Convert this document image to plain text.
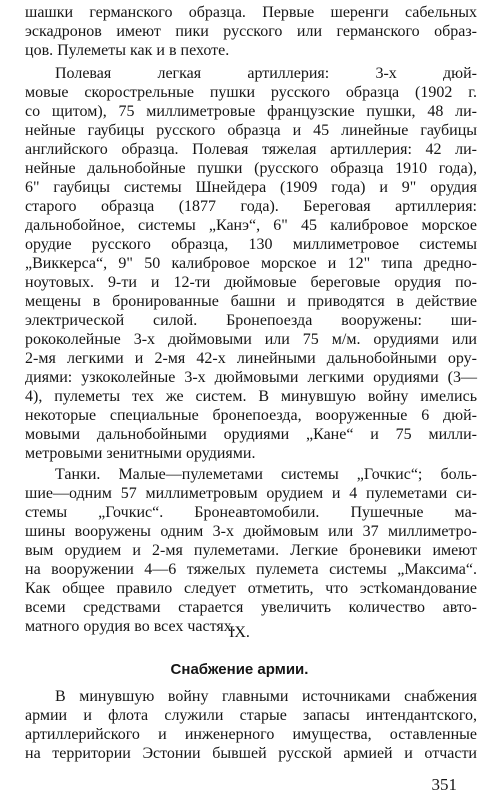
шашки германского образца. Первые шеренги сабельных
эскадронов имеют пики русского или германского образ-
цов. Пулеметы как и в пехоте.
Полевая легкая артиллерия: 3-х дюй-
мовые скорострельные пушки русского образца (1902 г.
со щитом), 75 миллиметровые французские пушки, 48 ли-
нейные гаубицы русского образца и 45 линейные гаубицы
английского образца. Полевая тяжелая артиллерия: 42 ли-
нейные дальнобойные пушки (русского образца 1910 года),
6" гаубицы системы Шнейдера (1909 года) и 9" орудия
старого образца (1877 года). Береговая артиллерия:
дальнобойное, системы „Канэ“, 6" 45 калибровое морское
орудие русского образца, 130 миллиметровое системы
„Виккерса“, 9" 50 калибровое морское и 12" типа дредно-
ноутовых. 9-ти и 12-ти дюймовые береговые орудия по-
мещены в бронированные башни и приводятся в действие
электрической силой. Бронепоезда вооружены: ши-
рококолейные 3-х дюймовыми или 75 м/м. орудиями или
2-мя легкими и 2-мя 42-х линейными дальнобойными ору-
диями: узкоколейные 3-х дюймовыми легкими орудиями (3—
4), пулеметы тех же систем. В минувшую войну имелись
некоторые специальные бронепоезда, вооруженные 6 дюй-
мовыми дальнобойными орудиями „Кане“ и 75 милли-
метровыми зенитными орудиями.
Танки. Малые—пулеметами системы „Гочкис“; боль-
шие—одним 57 миллиметровым орудием и 4 пулеметами си-
стемы „Гочкис“. Бронеавтомобили. Пушечные ма-
шины вооружены одним 3-х дюймовым или 37 миллиметро-
вым орудием и 2-мя пулеметами. Легкие броневики имеют
на вооружении 4—6 тяжелых пулемета системы „Максима“.
Как общее правило следует отметить, что эстkомандование
всеми средствами старается увеличить количество авто-
матного орудия во всех частях.
IX.
Снабжение армии.
В минувшую войну главными источниками снабжения
армии и флота служили старые запасы интендантского,
артиллерийского и инженерного имущества, оставленные
на территории Эстонии бывшей русской армией и отчасти
351
